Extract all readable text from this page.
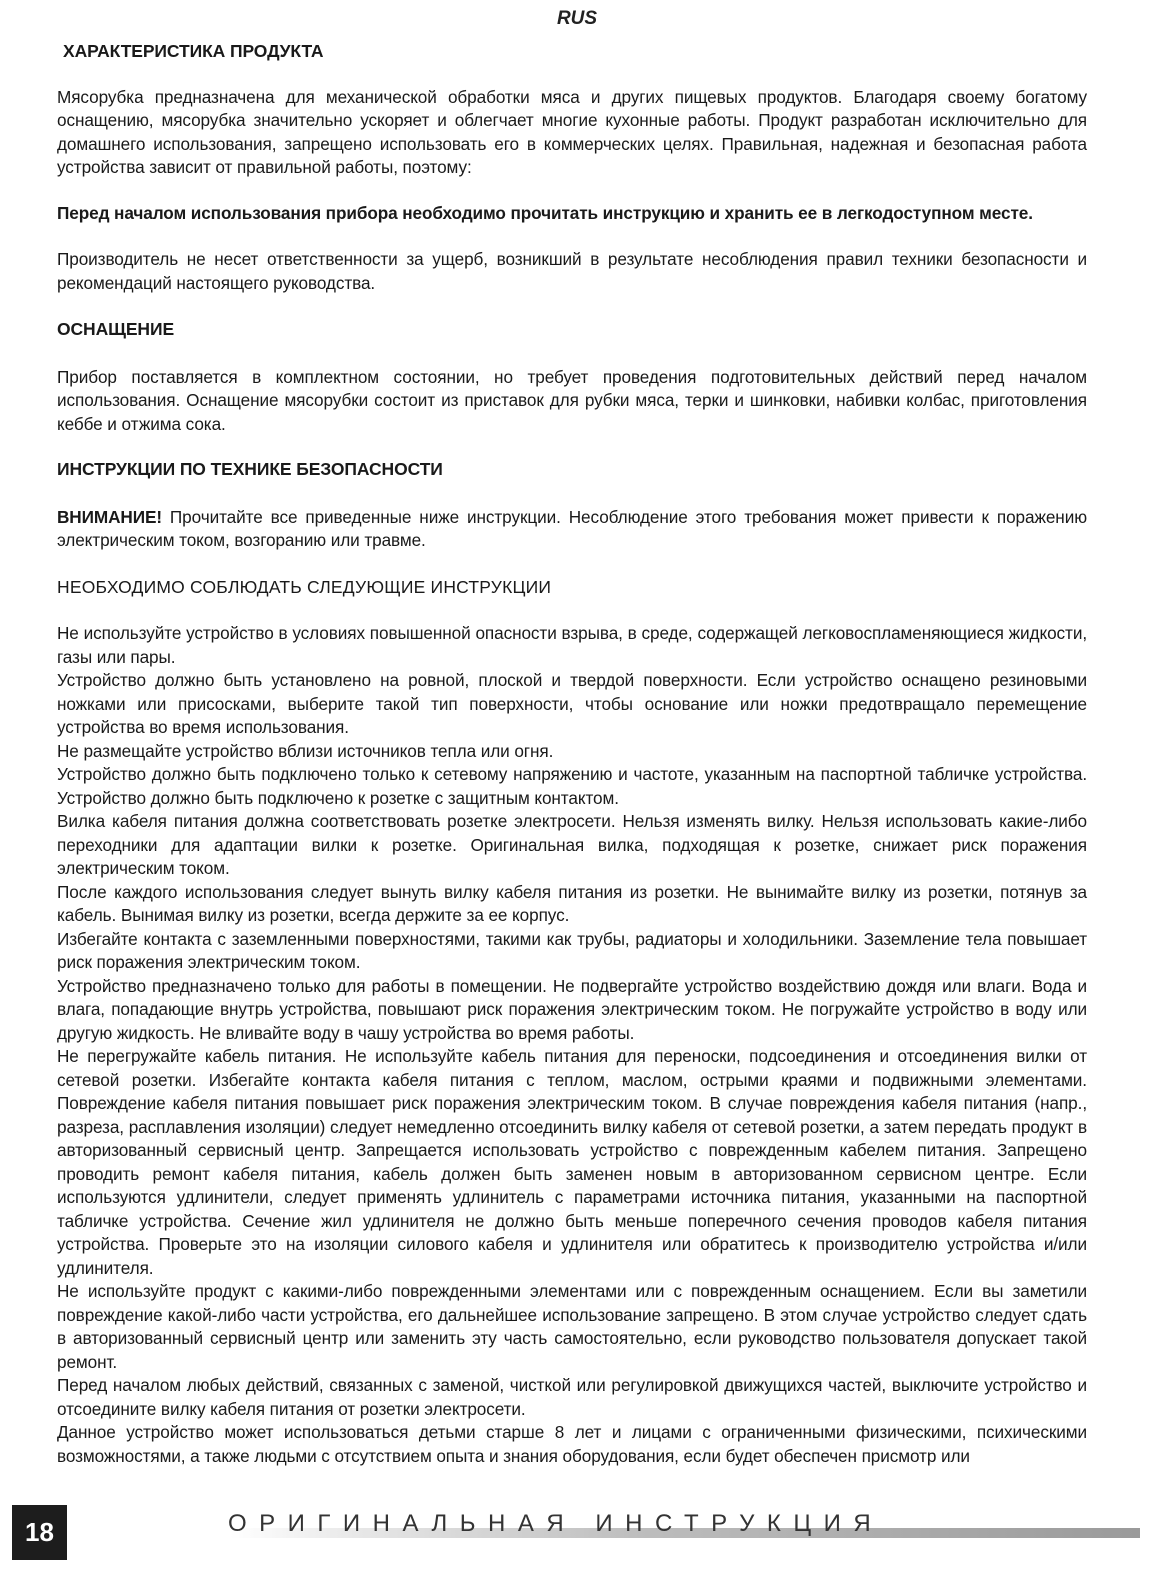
RUS
ХАРАКТЕРИСТИКА ПРОДУКТА

Мясорубка предназначена для механической обработки мяса и других пищевых продуктов. Благодаря своему богатому оснащению, мясорубка значительно ускоряет и облегчает многие кухонные работы. Продукт разработан исключительно для домашнего использования, запрещено использовать его в коммерческих целях. Правильная, надежная и безопасная работа устройства зависит от правильной работы, поэтому:

Перед началом использования прибора необходимо прочитать инструкцию и хранить ее в легкодоступном месте.

Производитель не несет ответственности за ущерб, возникший в результате несоблюдения правил техники безопасности и рекомендаций настоящего руководства.

ОСНАЩЕНИЕ

Прибор поставляется в комплектном состоянии, но требует проведения подготовительных действий перед началом использования. Оснащение мясорубки состоит из приставок для рубки мяса, терки и шинковки, набивки колбас, приготовления кеббе и отжима сока.

ИНСТРУКЦИИ ПО ТЕХНИКЕ БЕЗОПАСНОСТИ

ВНИМАНИЕ! Прочитайте все приведенные ниже инструкции. Несоблюдение этого требования может привести к поражению электрическим током, возгоранию или травме.

НЕОБХОДИМО СОБЛЮДАТЬ СЛЕДУЮЩИЕ ИНСТРУКЦИИ

Не используйте устройство в условиях повышенной опасности взрыва, в среде, содержащей легковоспламеняющиеся жидкости, газы или пары.

Устройство должно быть установлено на ровной, плоской и твердой поверхности. Если устройство оснащено резиновыми ножками или присосками, выберите такой тип поверхности, чтобы основание или ножки предотвращало перемещение устройства во время использования.

Не размещайте устройство вблизи источников тепла или огня.

Устройство должно быть подключено только к сетевому напряжению и частоте, указанным на паспортной табличке устройства. Устройство должно быть подключено к розетке с защитным контактом.

Вилка кабеля питания должна соответствовать розетке электросети. Нельзя изменять вилку. Нельзя использовать какие-либо переходники для адаптации вилки к розетке. Оригинальная вилка, подходящая к розетке, снижает риск поражения электрическим током.

После каждого использования следует вынуть вилку кабеля питания из розетки. Не вынимайте вилку из розетки, потянув за кабель. Вынимая вилку из розетки, всегда держите за ее корпус.

Избегайте контакта с заземленными поверхностями, такими как трубы, радиаторы и холодильники. Заземление тела повышает риск поражения электрическим током.

Устройство предназначено только для работы в помещении. Не подвергайте устройство воздействию дождя или влаги. Вода и влага, попадающие внутрь устройства, повышают риск поражения электрическим током. Не погружайте устройство в воду или другую жидкость. Не вливайте воду в чашу устройства во время работы.

Не перегружайте кабель питания. Не используйте кабель питания для переноски, подсоединения и отсоединения вилки от сетевой розетки. Избегайте контакта кабеля питания с теплом, маслом, острыми краями и подвижными элементами. Повреждение кабеля питания повышает риск поражения электрическим током. В случае повреждения кабеля питания (напр., разреза, расплавления изоляции) следует немедленно отсоединить вилку кабеля от сетевой розетки, а затем передать продукт в авторизованный сервисный центр. Запрещается использовать устройство с поврежденным кабелем питания. Запрещено проводить ремонт кабеля питания, кабель должен быть заменен новым в авторизованном сервисном центре. Если используются удлинители, следует применять удлинитель с параметрами источника питания, указанными на паспортной табличке устройства. Сечение жил удлинителя не должно быть меньше поперечного сечения проводов кабеля питания устройства. Проверьте это на изоляции силового кабеля и удлинителя или обратитесь к производителю устройства и/или удлинителя.

Не используйте продукт с какими-либо поврежденными элементами или с поврежденным оснащением. Если вы заметили повреждение какой-либо части устройства, его дальнейшее использование запрещено. В этом случае устройство следует сдать в авторизованный сервисный центр или заменить эту часть самостоятельно, если руководство пользователя допускает такой ремонт.

Перед началом любых действий, связанных с заменой, чисткой или регулировкой движущихся частей, выключите устройство и отсоедините вилку кабеля питания от розетки электросети.

Данное устройство может использоваться детьми старше 8 лет и лицами с ограниченными физическими, психическими возможностями, а также людьми с отсутствием опыта и знания оборудования, если будет обеспечен присмотр или

18	ОРИГИНАЛЬНАЯ ИНСТРУКЦИЯ
